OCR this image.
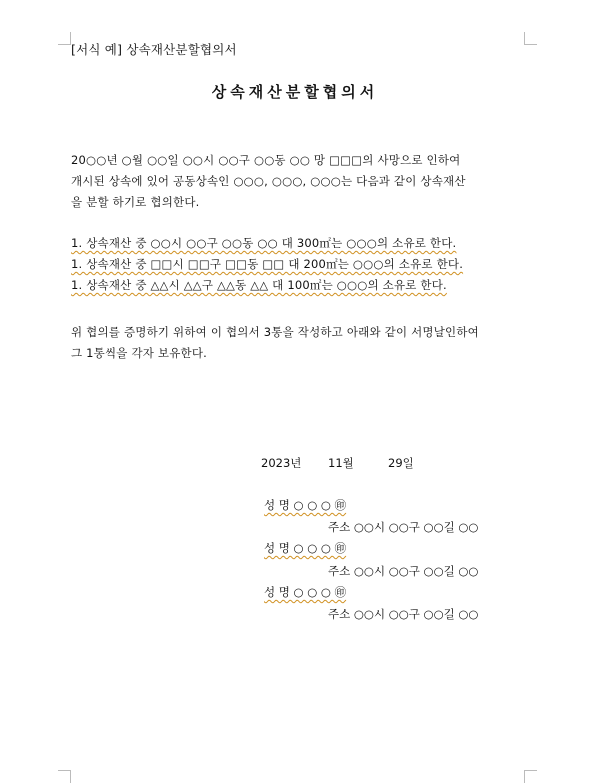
[서식 예] 상속재산분할협의서
상속재산분할협의서
20○○년 ○월 ○○일 ○○시 ○○구 ○○동 ○○ 망 □□□의 사망으로 인하여
개시된 상속에 있어 공동상속인 ○○○, ○○○, ○○○는 다음과 같이 상속재산
을 분할 하기로 협의한다.
1. 상속재산 중 ○○시 ○○구 ○○동 ○○ 대 300㎡는 ○○○의 소유로 한다.
1. 상속재산 중 □□시 □□구 □□동 □□ 대 200㎡는 ○○○의 소유로 한다.
1. 상속재산 중 △△시 △△구 △△동 △△ 대 100㎡는 ○○○의 소유로 한다.
위 협의를 증명하기 위하여 이 협의서 3통을 작성하고 아래와 같이 서명날인하여
그 1통씩을 각자 보유한다.
2023년 11월	29일
성 명 ○ ○ ○ ㊞
주소 ○○시 ○○구 ○○길 ○○
성 명 ○ ○ ○ ㊞
주소 ○○시 ○○구 ○○길 ○○
성 명 ○ ○ ○ ㊞
주소 ○○시 ○○구 ○○길 ○○
